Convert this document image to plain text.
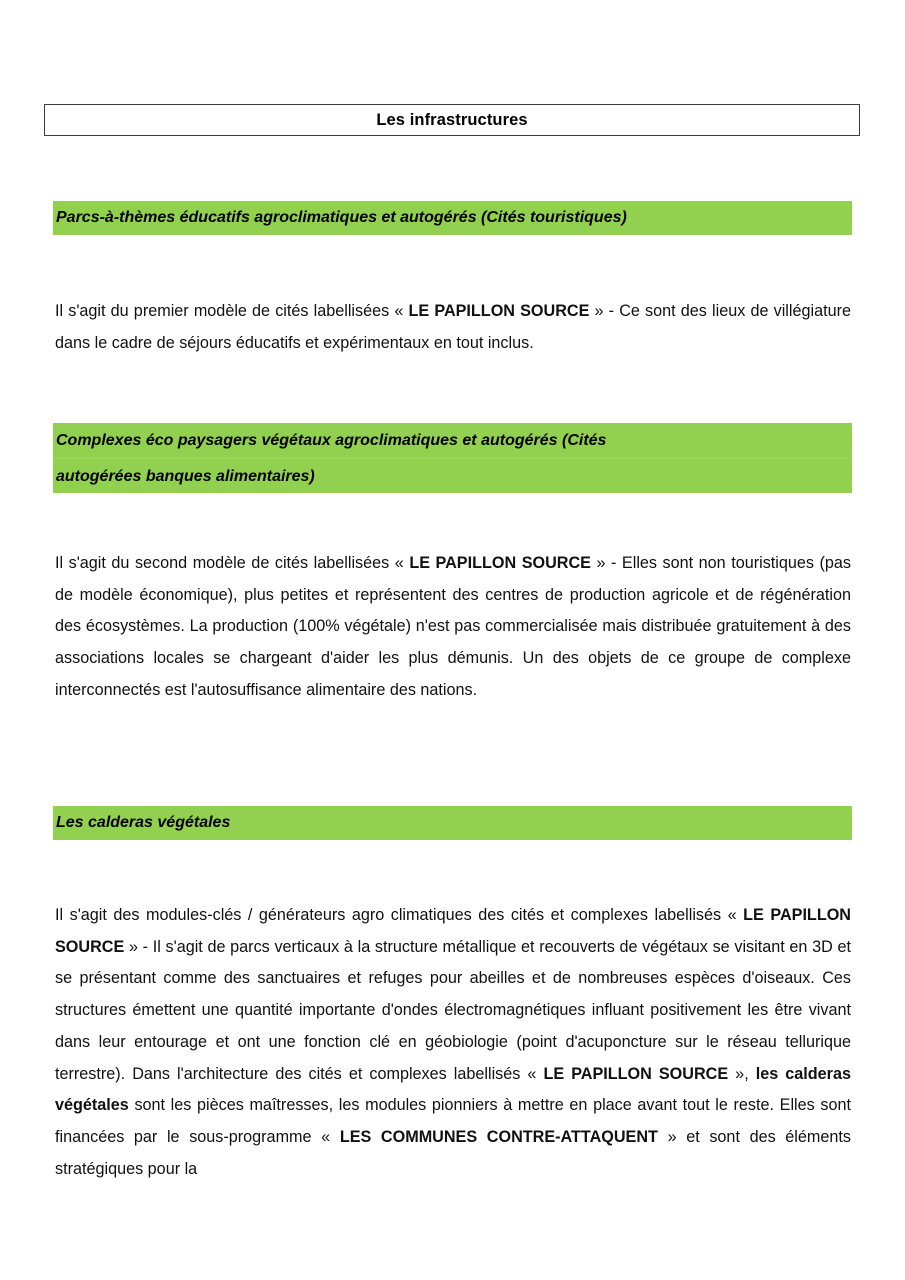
Les infrastructures
Parcs-à-thèmes éducatifs agroclimatiques et autogérés (Cités touristiques)
Il s'agit du premier modèle de cités labellisées « LE PAPILLON SOURCE » - Ce sont des lieux de villégiature dans le cadre de séjours éducatifs et expérimentaux en tout inclus.
Complexes éco paysagers végétaux agroclimatiques et autogérés (Cités
autogérées banques alimentaires)
Il s'agit du second modèle de cités labellisées « LE PAPILLON SOURCE » - Elles sont non touristiques (pas de modèle économique), plus petites et représentent des centres de production agricole et de régénération des écosystèmes. La production (100% végétale) n'est pas commercialisée mais distribuée gratuitement à des associations locales se chargeant d'aider les plus démunis. Un des objets de ce groupe de complexe interconnectés est l'autosuffisance alimentaire des nations.
Les calderas végétales
Il s'agit des modules-clés / générateurs agro climatiques des cités et complexes labellisés « LE PAPILLON SOURCE » - Il s'agit de parcs verticaux à la structure métallique et recouverts de végétaux se visitant en 3D et se présentant comme des sanctuaires et refuges pour abeilles et de nombreuses espèces d'oiseaux. Ces structures émettent une quantité importante d'ondes électromagnétiques influant positivement les être vivant dans leur entourage et ont une fonction clé en géobiologie (point d'acuponcture sur le réseau tellurique terrestre). Dans l'architecture des cités et complexes labellisés « LE PAPILLON SOURCE », les calderas végétales sont les pièces maîtresses, les modules pionniers à mettre en place avant tout le reste. Elles sont financées par le sous-programme « LES COMMUNES CONTRE-ATTAQUENT » et sont des éléments stratégiques pour la
